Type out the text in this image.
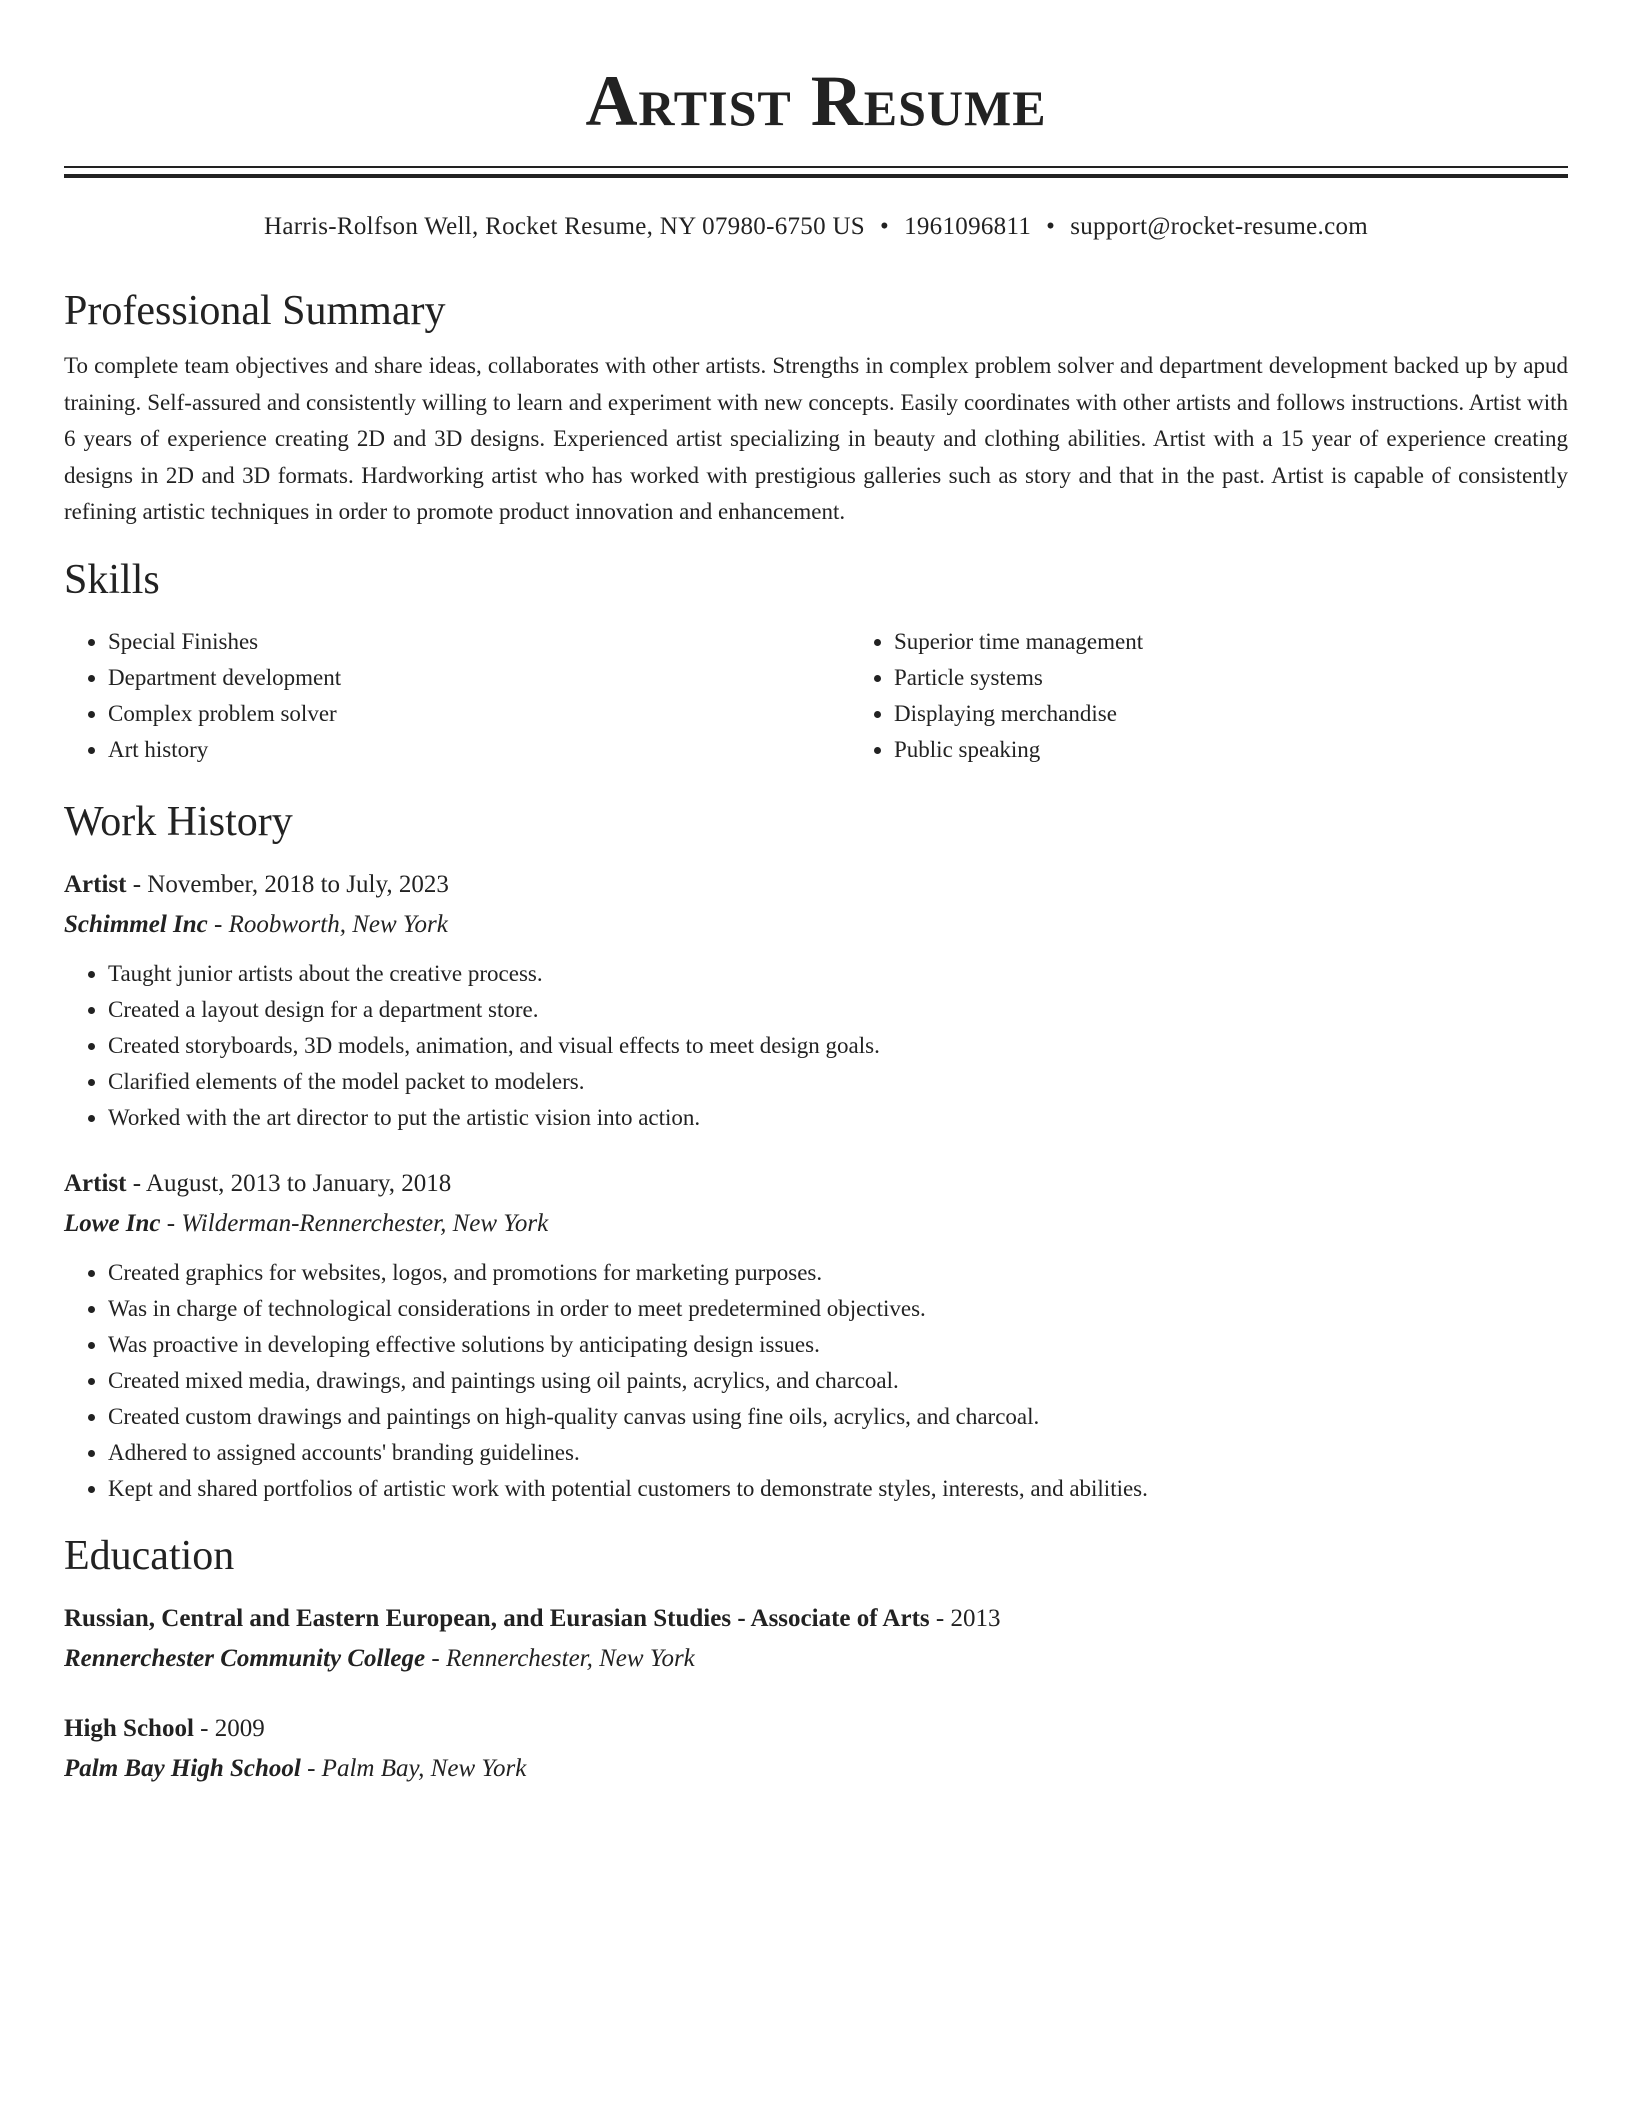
Artist Resume
Harris-Rolfson Well, Rocket Resume, NY 07980-6750 US • 1961096811 • support@rocket-resume.com
Professional Summary
To complete team objectives and share ideas, collaborates with other artists. Strengths in complex problem solver and department development backed up by apud training. Self-assured and consistently willing to learn and experiment with new concepts. Easily coordinates with other artists and follows instructions. Artist with 6 years of experience creating 2D and 3D designs. Experienced artist specializing in beauty and clothing abilities. Artist with a 15 year of experience creating designs in 2D and 3D formats. Hardworking artist who has worked with prestigious galleries such as story and that in the past. Artist is capable of consistently refining artistic techniques in order to promote product innovation and enhancement.
Skills
• Special Finishes
• Department development
• Complex problem solver
• Art history
• Superior time management
• Particle systems
• Displaying merchandise
• Public speaking
Work History
Artist - November, 2018 to July, 2023
Schimmel Inc - Roobworth, New York
• Taught junior artists about the creative process.
• Created a layout design for a department store.
• Created storyboards, 3D models, animation, and visual effects to meet design goals.
• Clarified elements of the model packet to modelers.
• Worked with the art director to put the artistic vision into action.
Artist - August, 2013 to January, 2018
Lowe Inc - Wilderman-Rennerchester, New York
• Created graphics for websites, logos, and promotions for marketing purposes.
• Was in charge of technological considerations in order to meet predetermined objectives.
• Was proactive in developing effective solutions by anticipating design issues.
• Created mixed media, drawings, and paintings using oil paints, acrylics, and charcoal.
• Created custom drawings and paintings on high-quality canvas using fine oils, acrylics, and charcoal.
• Adhered to assigned accounts' branding guidelines.
• Kept and shared portfolios of artistic work with potential customers to demonstrate styles, interests, and abilities.
Education
Russian, Central and Eastern European, and Eurasian Studies - Associate of Arts - 2013
Rennerchester Community College - Rennerchester, New York
High School - 2009
Palm Bay High School - Palm Bay, New York
